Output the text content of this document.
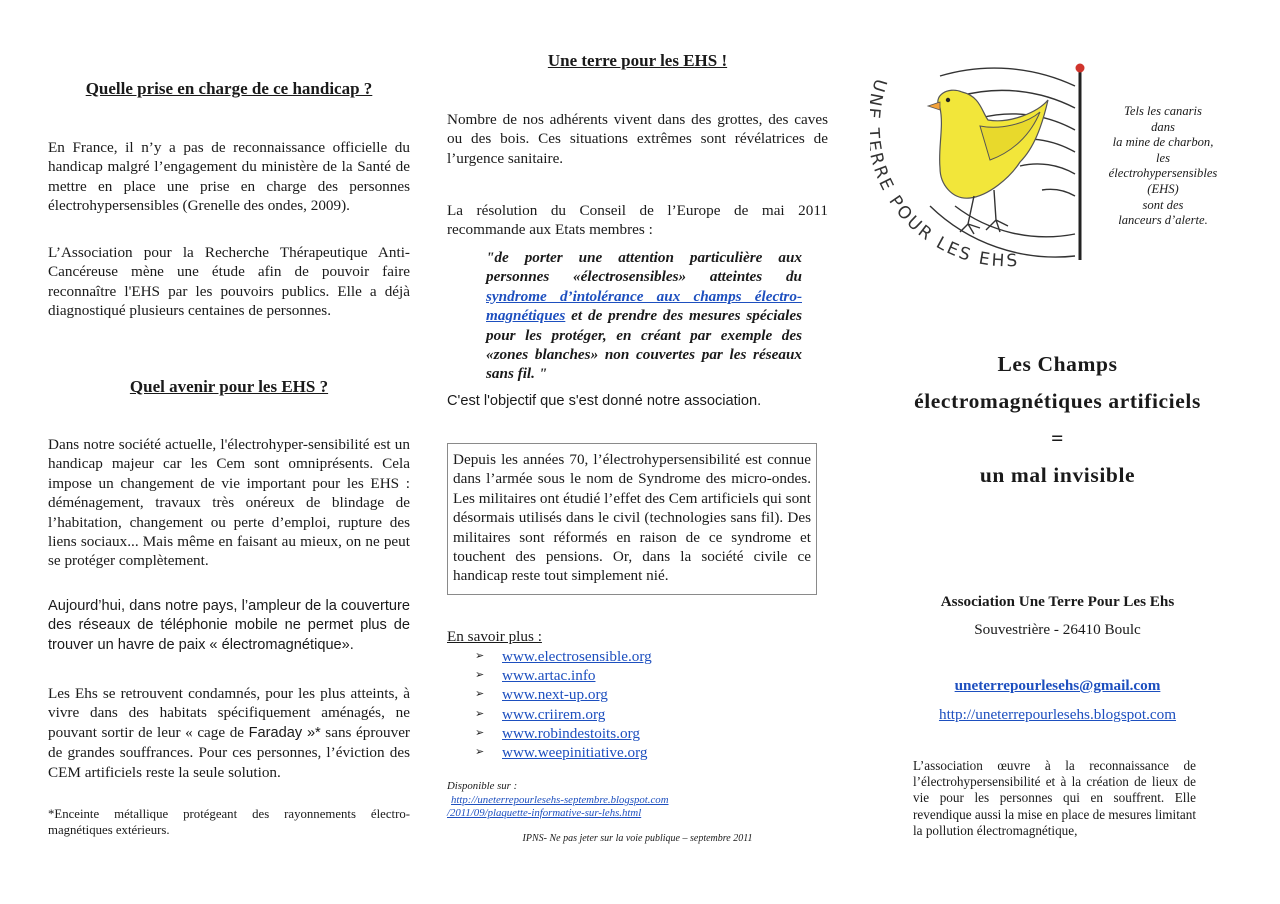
Quelle prise en charge de ce handicap ?

En France, il n’y a pas de reconnaissance officielle du handicap malgré l’engagement du ministère de la Santé de mettre en place une prise en charge des personnes électrohypersensibles (Grenelle des ondes, 2009).

L’Association pour la Recherche Thérapeutique Anti-Cancéreuse mène une étude afin de pouvoir faire reconnaître l'EHS par les pouvoirs publics. Elle a déjà diagnostiqué plusieurs centaines de personnes.

Quel avenir pour les EHS ?

Dans notre société actuelle, l'électrohyper-sensibilité est un handicap majeur car les Cem sont omniprésents. Cela impose un changement de vie important pour les EHS : déménagement, travaux très onéreux de blindage de l’habitation, changement ou perte d’emploi, rupture des liens sociaux... Mais même en faisant au mieux, on ne peut se protéger complètement.

Aujourd’hui, dans notre pays, l’ampleur de la couverture des réseaux de téléphonie mobile ne permet plus de trouver un havre de paix « électromagnétique».

Les Ehs se retrouvent condamnés, pour les plus atteints, à vivre dans des habitats spécifiquement aménagés, ne pouvant sortir de leur « cage de Faraday »* sans éprouver de grandes souffrances. Pour ces personnes, l’éviction des CEM artificiels reste la seule solution.

*Enceinte métallique protégeant des rayonnements électro-magnétiques extérieurs.

Une terre pour les EHS !

Nombre de nos adhérents vivent dans des grottes, des caves ou des bois. Ces situations extrêmes sont révélatrices de l’urgence sanitaire.

La résolution du Conseil de l’Europe de mai 2011 recommande aux Etats membres :

"de porter une attention particulière aux personnes «électrosensibles» atteintes du syndrome d’intolérance aux champs électro-magnétiques et de prendre des mesures spéciales pour les protéger, en créant par exemple des «zones blanches» non couvertes par les réseaux sans fil. "

C'est l'objectif que s'est donné notre association.

Depuis les années 70, l’électrohypersensibilité est connue dans l’armée sous le nom de Syndrome des micro-ondes. Les militaires ont étudié l’effet des Cem artificiels qui sont désormais utilisés dans le civil (technologies sans fil). Des militaires sont réformés en raison de ce syndrome et touchent des pensions. Or, dans la société civile ce handicap reste tout simplement nié.

En savoir plus :
➢ www.electrosensible.org
➢ www.artac.info
➢ www.next-up.org
➢ www.criirem.org
➢ www.robindestoits.org
➢ www.weepinitiative.org
Disponible sur :
http://uneterrepourlesehs-septembre.blogspot.com
/2011/09/plaquette-informative-sur-lehs.html
IPNS- Ne pas jeter sur la voie publique – septembre 2011
RE POUR LES EHS
Tels les canaris
dans
la mine de charbon,
les
électrohypersensibles
(EHS)
sont des
lanceurs d’alerte.
Les Champs
électromagnétiques artificiels
=
un mal invisible
Association Une Terre Pour Les Ehs
Souvestrière - 26410 Boulc
uneterrepourlesehs@gmail.com
http://uneterrepourlesehs.blogspot.com

L’association œuvre à la reconnaissance de l’électrohypersensibilité et à la création de lieux de vie pour les personnes qui en souffrent. Elle revendique aussi la mise en place de mesures limitant la pollution électromagnétique,
